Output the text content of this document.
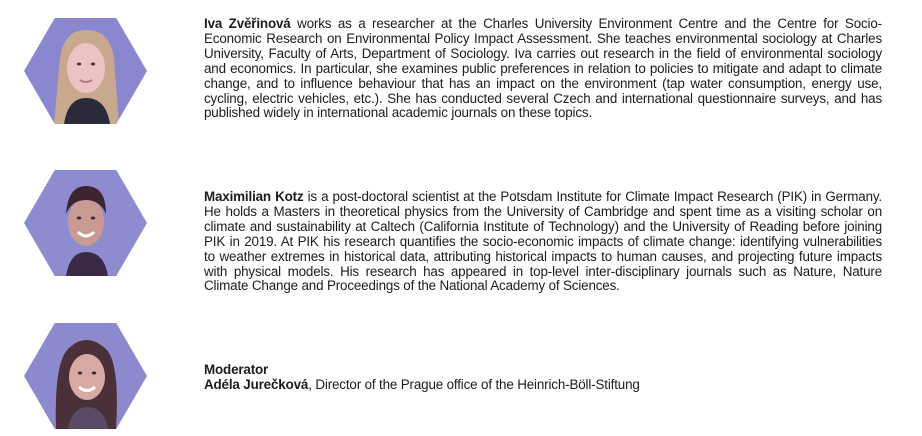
Iva Zvěřinová works as a researcher at the Charles University Environment Centre and the Centre for Socio-Economic Research on Environmental Policy Impact Assessment. She teaches environmental sociology at Charles University, Faculty of Arts, Department of Sociology. Iva carries out research in the field of environmental sociology and economics. In particular, she examines public preferences in relation to policies to mitigate and adapt to climate change, and to influence behaviour that has an impact on the environment (tap water consumption, energy use, cycling, electric vehicles, etc.). She has conducted several Czech and international questionnaire surveys, and has published widely in international academic journals on these topics.
Maximilian Kotz is a post-doctoral scientist at the Potsdam Institute for Climate Impact Research (PIK) in Germany. He holds a Masters in theoretical physics from the University of Cambridge and spent time as a visiting scholar on climate and sustainability at Caltech (California Institute of Technology) and the University of Reading before joining PIK in 2019. At PIK his research quantifies the socio-economic impacts of climate change: identifying vulnerabilities to weather extremes in historical data, attributing historical impacts to human causes, and projecting future impacts with physical models. His research has appeared in top-level inter-disciplinary journals such as Nature, Nature Climate Change and Proceedings of the National Academy of Sciences.
Moderator
Adéla Jurečková, Director of the Prague office of the Heinrich-Böll-Stiftung
